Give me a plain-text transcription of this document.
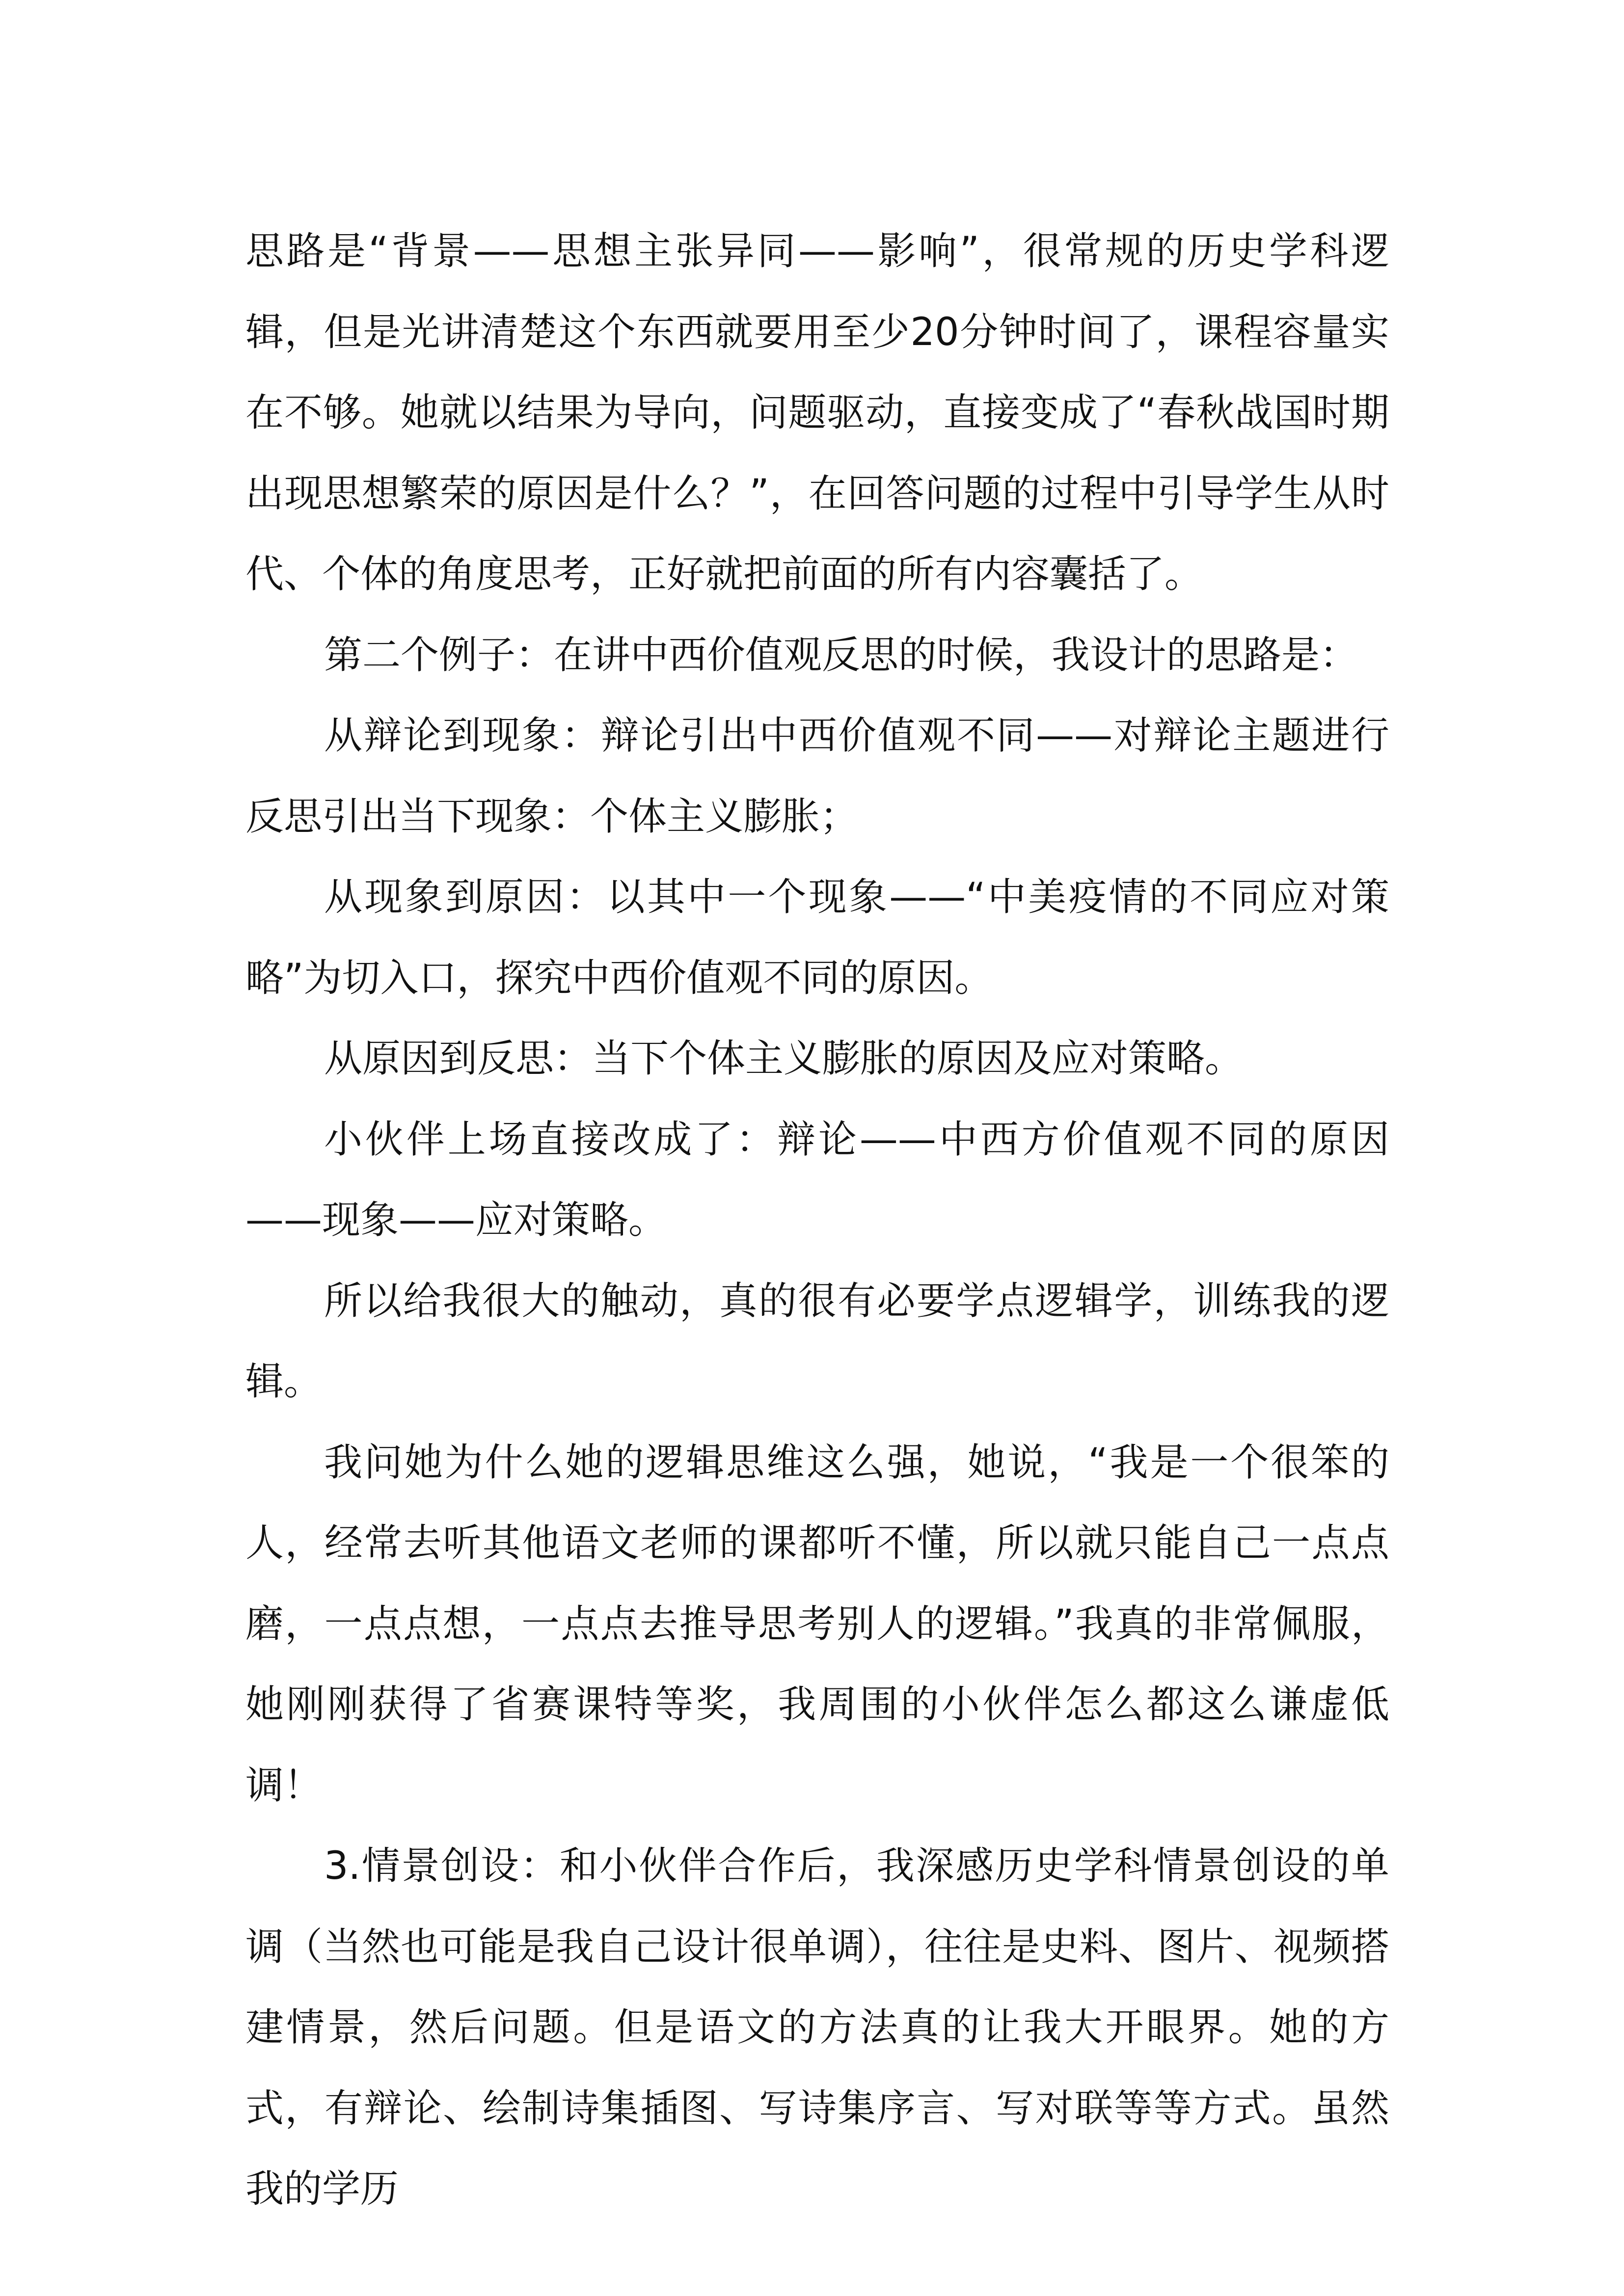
思路是“背景——思想主张异同——影响”，很常规的历史学科逻辑，但是光讲清楚这个东西就要用至少20分钟时间了，课程容量实在不够。她就以结果为导向，问题驱动，直接变成了“春秋战国时期出现思想繁荣的原因是什么？”，在回答问题的过程中引导学生从时代、个体的角度思考，正好就把前面的所有内容囊括了。

第二个例子：在讲中西价值观反思的时候，我设计的思路是：

从辩论到现象：辩论引出中西价值观不同——对辩论主题进行反思引出当下现象：个体主义膨胀；

从现象到原因：以其中一个现象——“中美疫情的不同应对策略”为切入口，探究中西价值观不同的原因。

从原因到反思：当下个体主义膨胀的原因及应对策略。

小伙伴上场直接改成了：辩论——中西方价值观不同的原因——现象——应对策略。

所以给我很大的触动，真的很有必要学点逻辑学，训练我的逻辑。

我问她为什么她的逻辑思维这么强，她说，“我是一个很笨的人，经常去听其他语文老师的课都听不懂，所以就只能自己一点点磨，一点点想，一点点去推导思考别人的逻辑。”我真的非常佩服，她刚刚获得了省赛课特等奖，我周围的小伙伴怎么都这么谦虚低调！

3.情景创设：和小伙伴合作后，我深感历史学科情景创设的单调（当然也可能是我自己设计很单调），往往是史料、图片、视频搭建情景，然后问题。但是语文的方法真的让我大开眼界。她的方式，有辩论、绘制诗集插图、写诗集序言、写对联等等方式。虽然我的学历
